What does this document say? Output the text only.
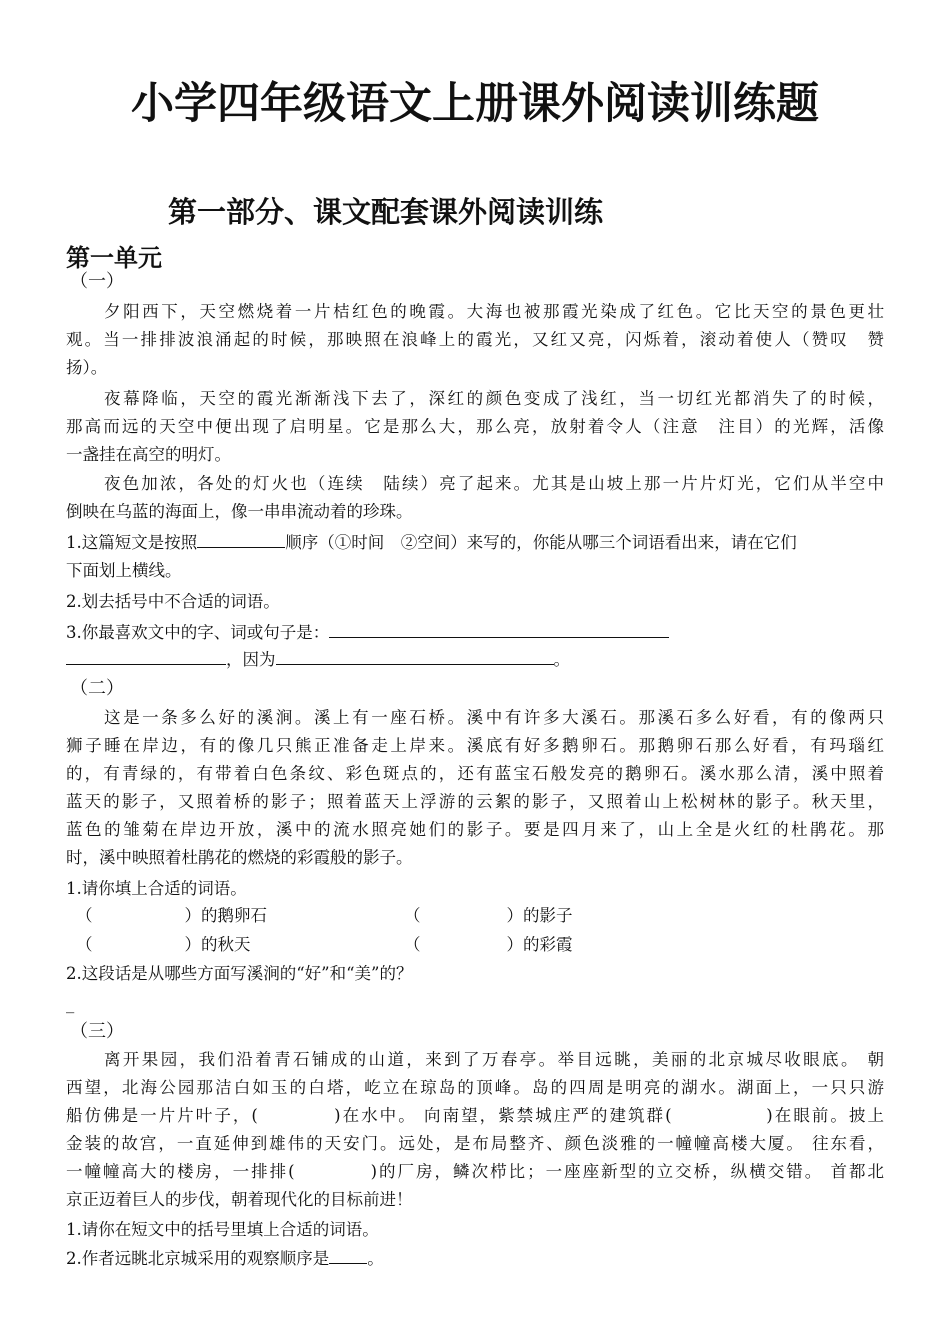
小学四年级语文上册课外阅读训练题
第一部分、课文配套课外阅读训练
第一单元
（一）
夕阳西下，天空燃烧着一片桔红色的晚霞。大海也被那霞光染成了红色。它比天空的景色更壮
观。当一排排波浪涌起的时候，那映照在浪峰上的霞光，又红又亮，闪烁着，滚动着使人（赞叹　赞
扬）。
夜幕降临，天空的霞光渐渐浅下去了，深红的颜色变成了浅红，当一切红光都消失了的时候，
那高而远的天空中便出现了启明星。它是那么大，那么亮，放射着令人（注意　注目）的光辉，活像
一盏挂在高空的明灯。
夜色加浓，各处的灯火也（连续　陆续）亮了起来。尤其是山坡上那一片片灯光，它们从半空中
倒映在乌蓝的海面上，像一串串流动着的珍珠。
1.这篇短文是按照	顺序（①时间　②空间）来写的，你能从哪三个词语看出来，请在它们
下面划上横线。
2.划去括号中不合适的词语。
3.你最喜欢文中的字、词或句子是：
，因为	。
（二）
这是一条多么好的溪涧。溪上有一座石桥。溪中有许多大溪石。那溪石多么好看，有的像两只
狮子睡在岸边，有的像几只熊正准备走上岸来。溪底有好多鹅卵石。那鹅卵石那么好看，有玛瑙红
的，有青绿的，有带着白色条纹、彩色斑点的，还有蓝宝石般发亮的鹅卵石。溪水那么清，溪中照着
蓝天的影子，又照着桥的影子；照着蓝天上浮游的云絮的影子，又照着山上松树林的影子。秋天里，
蓝色的雏菊在岸边开放，溪中的流水照亮她们的影子。要是四月来了，山上全是火红的杜鹃花。那
时，溪中映照着杜鹃花的燃烧的彩霞般的影子。
1.请你填上合适的词语。
（	）的鹅卵石	（	）的影子
（	）的秋天	（	）的彩霞
2.这段话是从哪些方面写溪涧的“好”和“美”的？
_
（三）
离开果园，我们沿着青石铺成的山道，来到了万春亭。举目远眺，美丽的北京城尽收眼底。 朝
西望，北海公园那洁白如玉的白塔，屹立在琼岛的顶峰。岛的四周是明亮的湖水。湖面上，一只只游
船仿佛是一片片叶子，(　　　　)在水中。 向南望，紫禁城庄严的建筑群(　　　　　)在眼前。披上
金装的故宫，一直延伸到雄伟的天安门。远处，是布局整齐、颜色淡雅的一幢幢高楼大厦。 往东看，
一幢幢高大的楼房，一排排(　　　　)的厂房，鳞次栉比；一座座新型的立交桥，纵横交错。 首都北
京正迈着巨人的步伐，朝着现代化的目标前进！
1.请你在短文中的括号里填上合适的词语。
2.作者远眺北京城采用的观察顺序是 。
